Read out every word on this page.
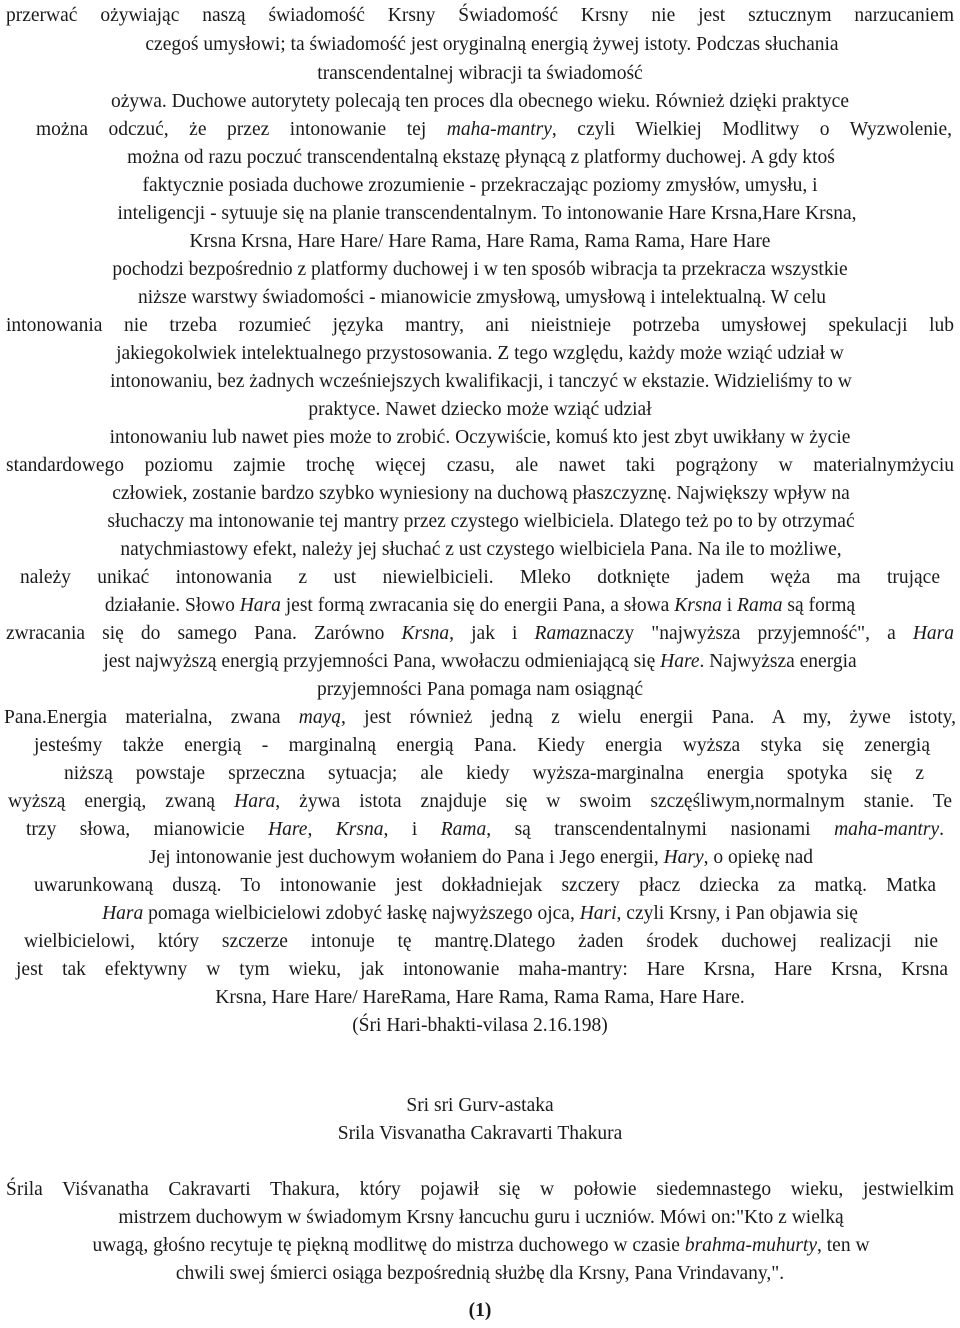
przerwać ożywiając naszą świadomość Krsny Świadomość Krsny nie jest sztucznym narzucaniem
czegoś umysłowi; ta świadomość jest oryginalną energią żywej istoty. Podczas słuchania
transcendentalnej wibracji ta świadomość
ożywa. Duchowe autorytety polecają ten proces dla obecnego wieku. Również dzięki praktyce
można odczuć, że przez intonowanie tej maha-mantry, czyli Wielkiej Modlitwy o Wyzwolenie,
można od razu poczuć transcendentalną ekstazę płynącą z platformy duchowej. A gdy ktoś
faktycznie posiada duchowe zrozumienie - przekraczając poziomy zmysłów, umysłu, i
inteligencji - sytuuje się na planie transcendentalnym. To intonowanie Hare Krsna,Hare Krsna,
Krsna Krsna, Hare Hare/ Hare Rama, Hare Rama, Rama Rama, Hare Hare
pochodzi bezpośrednio z platformy duchowej i w ten sposób wibracja ta przekracza wszystkie
niższe warstwy świadomości - mianowicie zmysłową, umysłową i intelektualną. W celu
intonowania nie trzeba rozumieć języka mantry, ani nieistnieje potrzeba umysłowej spekulacji lub
jakiegokolwiek intelektualnego przystosowania. Z tego względu, każdy może wziąć udział w
intonowaniu, bez żadnych wcześniejszych kwalifikacji, i tanczyć w ekstazie. Widzieliśmy to w
praktyce. Nawet dziecko może wziąć udział
intonowaniu lub nawet pies może to zrobić. Oczywiście, komuś kto jest zbyt uwikłany w życie
standardowego poziomu zajmie trochę więcej czasu, ale nawet taki pogrążony w materialnymżyciu
człowiek, zostanie bardzo szybko wyniesiony na duchową płaszczyznę. Największy wpływ na
słuchaczy ma intonowanie tej mantry przez czystego wielbiciela. Dlatego też po to by otrzymać
natychmiastowy efekt, należy jej słuchać z ust czystego wielbiciela Pana. Na ile to możliwe,
należy unikać intonowania z ust niewielbicieli. Mleko dotknięte jadem węża ma trujące
działanie. Słowo Hara jest formą zwracania się do energii Pana, a słowa Krsna i Rama są formą
zwracania się do samego Pana. Zarówno Krsna, jak i Ramaznaczy "najwyższa przyjemność", a Hara
jest najwyższą energią przyjemności Pana, wwołaczu odmieniającą się Hare. Najwyższa energia
przyjemności Pana pomaga nam osiągnąć
Pana.Energia materialna, zwana mayą, jest również jedną z wielu energii Pana. A my, żywe istoty,
jesteśmy także energią - marginalną energią Pana. Kiedy energia wyższa styka się zenergią
niższą powstaje sprzeczna sytuacja; ale kiedy wyższa-marginalna energia spotyka się z
wyższą energią, zwaną Hara, żywa istota znajduje się w swoim szczęśliwym,normalnym stanie. Te
trzy słowa, mianowicie Hare, Krsna, i Rama, są transcendentalnymi nasionami maha-mantry.
Jej intonowanie jest duchowym wołaniem do Pana i Jego energii, Hary, o opiekę nad
uwarunkowaną duszą. To intonowanie jest dokładniejak szczery płacz dziecka za matką. Matka
Hara pomaga wielbicielowi zdobyć łaskę najwyższego ojca, Hari, czyli Krsny, i Pan objawia się
wielbicielowi, który szczerze intonuje tę mantrę.Dlatego żaden środek duchowej realizacji nie
jest tak efektywny w tym wieku, jak intonowanie maha-mantry: Hare Krsna, Hare Krsna, Krsna
Krsna, Hare Hare/ HareRama, Hare Rama, Rama Rama, Hare Hare.
(Śri Hari-bhakti-vilasa 2.16.198)
Sri sri Gurv-astaka
Srila Visvanatha Cakravarti Thakura
Śrila Viśvanatha Cakravarti Thakura, który pojawił się w połowie siedemnastego wieku, jestwielkim
mistrzem duchowym w świadomym Krsny łancuchu guru i uczniów. Mówi on:"Kto z wielką
uwagą, głośno recytuje tę piękną modlitwę do mistrza duchowego w czasie brahma-muhurty, ten w
chwili swej śmierci osiąga bezpośrednią służbę dla Krsny, Pana Vrindavany,".
(1)
